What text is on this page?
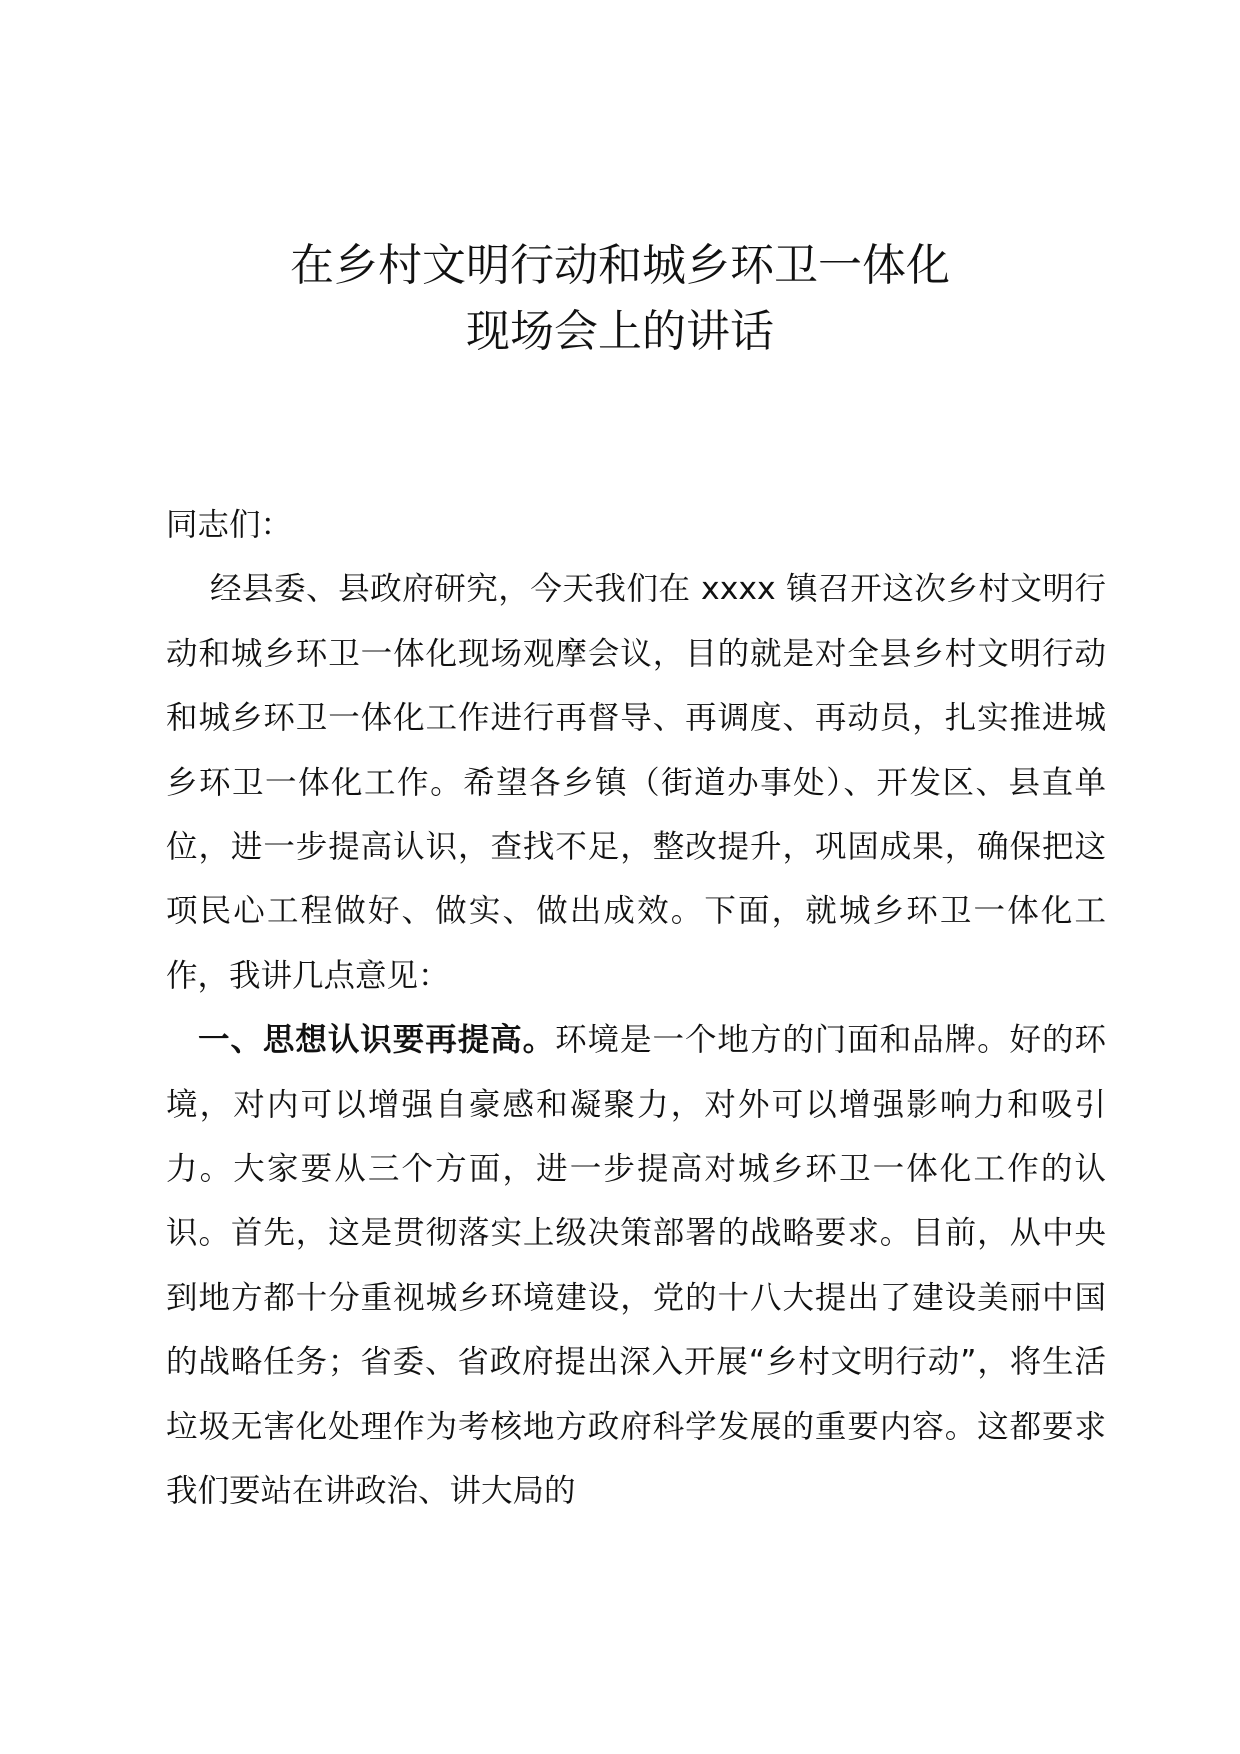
在乡村文明行动和城乡环卫一体化
现场会上的讲话

同志们：

经县委、县政府研究，今天我们在 xxxx 镇召开这次乡村文明行动和城乡环卫一体化现场观摩会议，目的就是对全县乡村文明行动和城乡环卫一体化工作进行再督导、再调度、再动员，扎实推进城乡环卫一体化工作。希望各乡镇（街道办事处）、开发区、县直单位，进一步提高认识，查找不足，整改提升，巩固成果，确保把这项民心工程做好、做实、做出成效。下面，就城乡环卫一体化工作，我讲几点意见：

一、思想认识要再提高。环境是一个地方的门面和品牌。好的环境，对内可以增强自豪感和凝聚力，对外可以增强影响力和吸引力。大家要从三个方面，进一步提高对城乡环卫一体化工作的认识。首先，这是贯彻落实上级决策部署的战略要求。目前，从中央到地方都十分重视城乡环境建设，党的十八大提出了建设美丽中国的战略任务；省委、省政府提出深入开展“乡村文明行动”，将生活垃圾无害化处理作为考核地方政府科学发展的重要内容。这都要求我们要站在讲政治、讲大局的
